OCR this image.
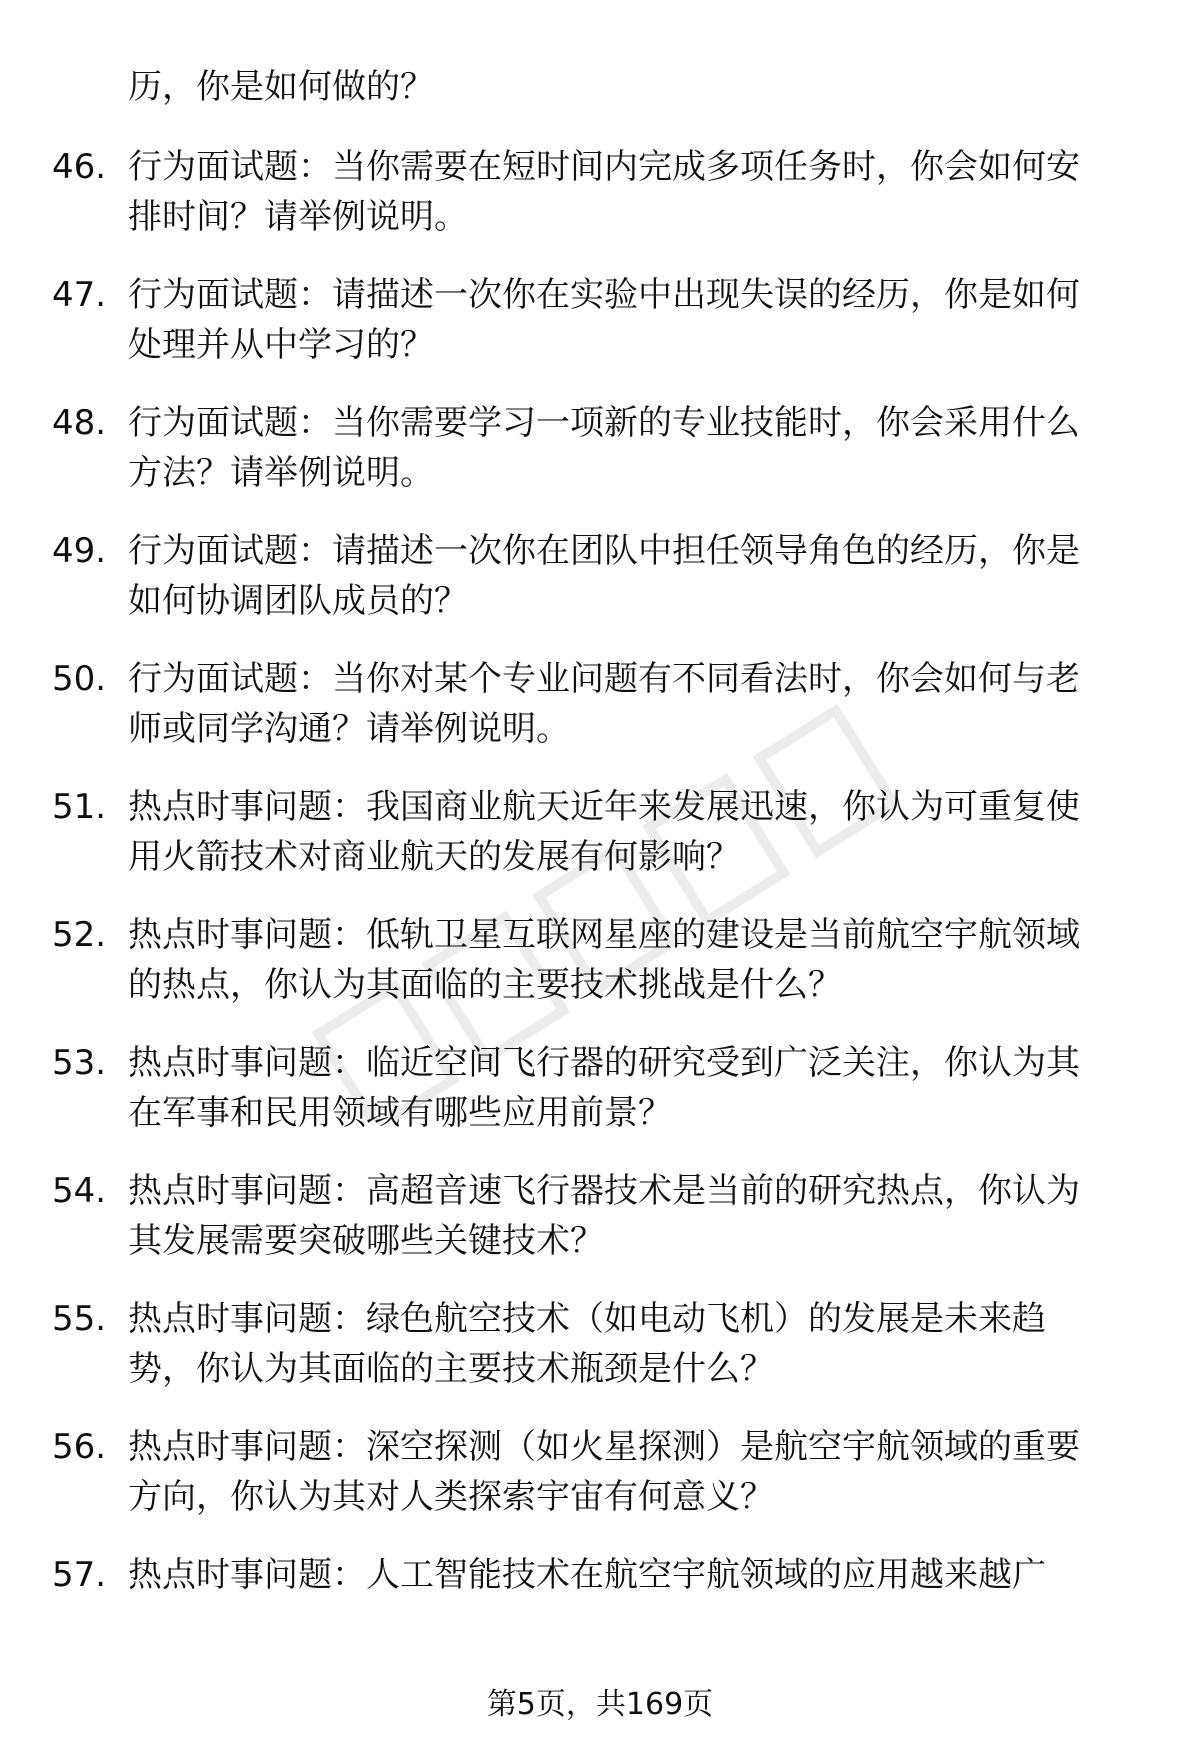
历，你是如何做的？
46. 行为面试题：当你需要在短时间内完成多项任务时，你会如何安
排时间？请举例说明。
47. 行为面试题：请描述一次你在实验中出现失误的经历，你是如何
处理并从中学习的？
48. 行为面试题：当你需要学习一项新的专业技能时，你会采用什么
方法？请举例说明。
49. 行为面试题：请描述一次你在团队中担任领导角色的经历，你是
如何协调团队成员的？
50. 行为面试题：当你对某个专业问题有不同看法时，你会如何与老
师或同学沟通？请举例说明。
51. 热点时事问题：我国商业航天近年来发展迅速，你认为可重复使
用火箭技术对商业航天的发展有何影响？
52. 热点时事问题：低轨卫星互联网星座的建设是当前航空宇航领域
的热点，你认为其面临的主要技术挑战是什么？
53. 热点时事问题：临近空间飞行器的研究受到广泛关注，你认为其
在军事和民用领域有哪些应用前景？
54. 热点时事问题：高超音速飞行器技术是当前的研究热点，你认为
其发展需要突破哪些关键技术？
55. 热点时事问题：绿色航空技术（如电动飞机）的发展是未来趋
势，你认为其面临的主要技术瓶颈是什么？
56. 热点时事问题：深空探测（如火星探测）是航空宇航领域的重要
方向，你认为其对人类探索宇宙有何意义？
57. 热点时事问题：人工智能技术在航空宇航领域的应用越来越广
第5页，共169页
